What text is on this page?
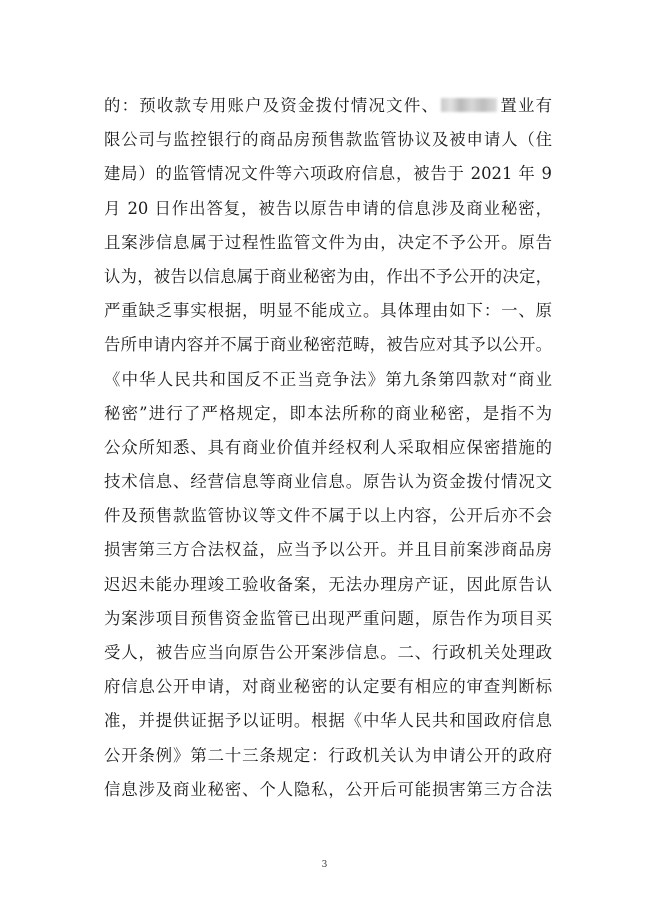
的：预收款专用账户及资金拨付情况文件、	置业有
限公司与监控银行的商品房预售款监管协议及被申请人（住
建局）的监管情况文件等六项政府信息，被告于 2021 年 9
月 20 日作出答复，被告以原告申请的信息涉及商业秘密，
且案涉信息属于过程性监管文件为由，决定不予公开。原告
认为，被告以信息属于商业秘密为由，作出不予公开的决定，
严重缺乏事实根据，明显不能成立。具体理由如下：一、原
告所申请内容并不属于商业秘密范畴，被告应对其予以公开。
《中华人民共和国反不正当竞争法》第九条第四款对“商业
秘密”进行了严格规定，即本法所称的商业秘密，是指不为
公众所知悉、具有商业价值并经权利人采取相应保密措施的
技术信息、经营信息等商业信息。原告认为资金拨付情况文
件及预售款监管协议等文件不属于以上内容，公开后亦不会
损害第三方合法权益，应当予以公开。并且目前案涉商品房
迟迟未能办理竣工验收备案，无法办理房产证，因此原告认
为案涉项目预售资金监管已出现严重问题，原告作为项目买
受人，被告应当向原告公开案涉信息。二、行政机关处理政
府信息公开申请，对商业秘密的认定要有相应的审查判断标
准，并提供证据予以证明。根据《中华人民共和国政府信息
公开条例》第二十三条规定：行政机关认为申请公开的政府
信息涉及商业秘密、个人隐私，公开后可能损害第三方合法
3
